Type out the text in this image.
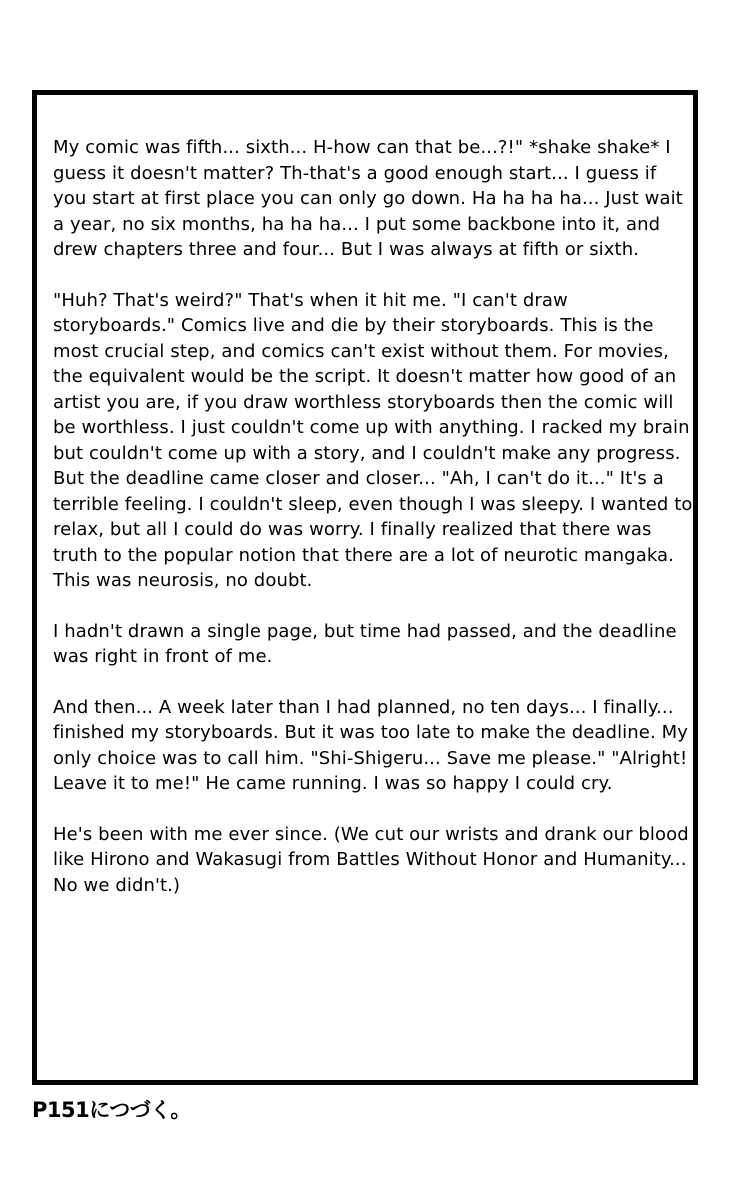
My comic was fifth... sixth... H-how can that be...?!" *shake shake* I guess it doesn't matter? Th-that's a good enough start... I guess if you start at first place you can only go down. Ha ha ha ha... Just wait a year, no six months, ha ha ha... I put some backbone into it, and drew chapters three and four... But I was always at fifth or sixth.

"Huh? That's weird?" That's when it hit me. "I can't draw storyboards." Comics live and die by their storyboards. This is the most crucial step, and comics can't exist without them. For movies, the equivalent would be the script. It doesn't matter how good of an artist you are, if you draw worthless storyboards then the comic will be worthless. I just couldn't come up with anything. I racked my brain but couldn't come up with a story, and I couldn't make any progress. But the deadline came closer and closer... "Ah, I can't do it..." It's a terrible feeling. I couldn't sleep, even though I was sleepy. I wanted to relax, but all I could do was worry. I finally realized that there was truth to the popular notion that there are a lot of neurotic mangaka. This was neurosis, no doubt.

I hadn't drawn a single page, but time had passed, and the deadline was right in front of me.

And then... A week later than I had planned, no ten days... I finally... finished my storyboards. But it was too late to make the deadline. My only choice was to call him. "Shi-Shigeru... Save me please." "Alright! Leave it to me!" He came running. I was so happy I could cry.

He's been with me ever since. (We cut our wrists and drank our blood like Hirono and Wakasugi from Battles Without Honor and Humanity... No we didn't.)

P151につづく。
